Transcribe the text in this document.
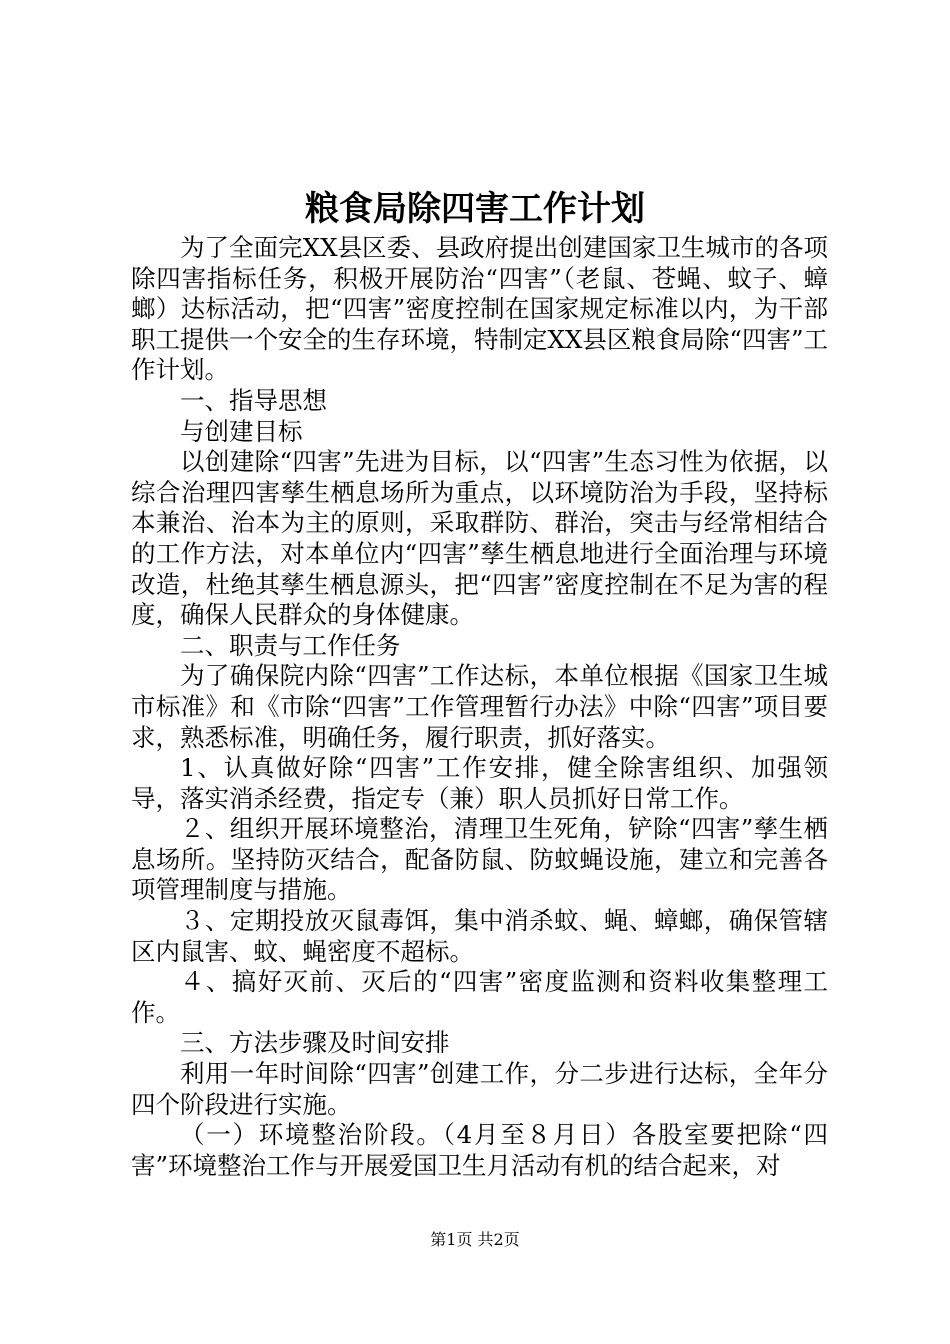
粮食局除四害工作计划

为了全面完XX县区委、县政府提出创建国家卫生城市的各项除四害指标任务，积极开展防治“四害”（老鼠、苍蝇、蚊子、蟑螂）达标活动，把“四害”密度控制在国家规定标准以内，为干部职工提供一个安全的生存环境，特制定XX县区粮食局除“四害”工作计划。

一、指导思想

与创建目标

以创建除“四害”先进为目标，以“四害”生态习性为依据，以综合治理四害孳生栖息场所为重点，以环境防治为手段，坚持标本兼治、治本为主的原则，采取群防、群治，突击与经常相结合的工作方法，对本单位内“四害”孳生栖息地进行全面治理与环境改造，杜绝其孳生栖息源头，把“四害”密度控制在不足为害的程度，确保人民群众的身体健康。

二、职责与工作任务

为了确保院内除“四害”工作达标，本单位根据《国家卫生城市标准》和《市除“四害”工作管理暂行办法》中除“四害”项目要求，熟悉标准，明确任务，履行职责，抓好落实。

1、认真做好除“四害”工作安排，健全除害组织、加强领导，落实消杀经费，指定专（兼）职人员抓好日常工作。

２、组织开展环境整治，清理卫生死角，铲除“四害”孳生栖息场所。坚持防灭结合，配备防鼠、防蚊蝇设施，建立和完善各项管理制度与措施。

３、定期投放灭鼠毒饵，集中消杀蚊、蝇、蟑螂，确保管辖区内鼠害、蚊、蝇密度不超标。

４、搞好灭前、灭后的“四害”密度监测和资料收集整理工作。

三、方法步骤及时间安排

利用一年时间除“四害”创建工作，分二步进行达标，全年分四个阶段进行实施。

（一）环境整治阶段。（4月至８月日）各股室要把除“四害”环境整治工作与开展爱国卫生月活动有机的结合起来，对

第1页 共2页
